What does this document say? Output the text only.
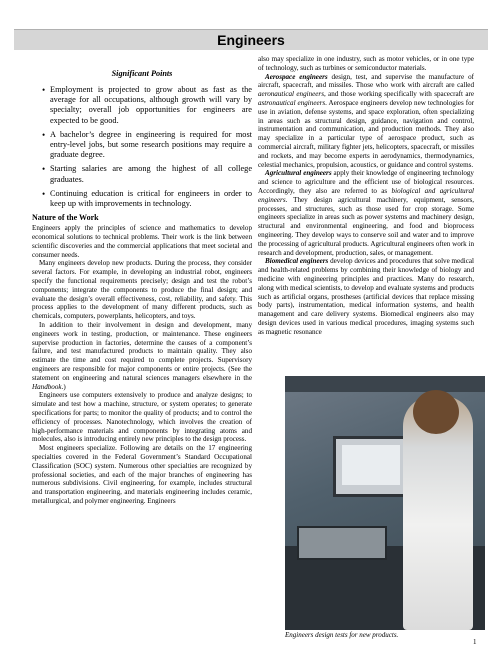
Engineers
Significant Points
• Employment is projected to grow about as fast as the average for all occupations, although growth will vary by specialty; overall job opportunities for engineers are expected to be good.
• A bachelor’s degree in engineering is required for most entry-level jobs, but some research positions may require a graduate degree.
• Starting salaries are among the highest of all college graduates.
• Continuing education is critical for engineers in order to keep up with improvements in technology.
Nature of the Work

Engineers apply the principles of science and mathematics to develop economical solutions to technical problems. Their work is the link between scientific discoveries and the commercial applications that meet societal and consumer needs.

Many engineers develop new products. During the process, they consider several factors. For example, in developing an industrial robot, engineers specify the functional requirements precisely; design and test the robot’s components; integrate the components to produce the final design; and evaluate the design’s overall effectiveness, cost, reliability, and safety. This process applies to the development of many different products, such as chemicals, computers, powerplants, helicopters, and toys.

In addition to their involvement in design and development, many engineers work in testing, production, or maintenance. These engineers supervise production in factories, determine the causes of a component’s failure, and test manufactured products to maintain quality. They also estimate the time and cost required to complete projects. Supervisory engineers are responsible for major components or entire projects. (See the statement on engineering and natural sciences managers elsewhere in the Handbook.)

Engineers use computers extensively to produce and analyze designs; to simulate and test how a machine, structure, or system operates; to generate specifications for parts; to monitor the quality of products; and to control the efficiency of processes. Nanotechnology, which involves the creation of high-performance materials and components by integrating atoms and molecules, also is introducing entirely new principles to the design process.

Most engineers specialize. Following are details on the 17 engineering specialties covered in the Federal Government’s Standard Occupational Classification (SOC) system. Numerous other specialties are recognized by professional societies, and each of the major branches of engineering has numerous subdivisions. Civil engineering, for example, includes structural and transportation engineering, and materials engineering includes ceramic, metallurgical, and polymer engineering. Engineers

also may specialize in one industry, such as motor vehicles, or in one type of technology, such as turbines or semiconductor materials.

Aerospace engineers design, test, and supervise the manufacture of aircraft, spacecraft, and missiles. Those who work with aircraft are called aeronautical engineers, and those working specifically with spacecraft are astronautical engineers. Aerospace engineers develop new technologies for use in aviation, defense systems, and space exploration, often specializing in areas such as structural design, guidance, navigation and control, instrumentation and communication, and production methods. They also may specialize in a particular type of aerospace product, such as commercial aircraft, military fighter jets, helicopters, spacecraft, or missiles and rockets, and may become experts in aerodynamics, thermodynamics, celestial mechanics, propulsion, acoustics, or guidance and control systems.

Agricultural engineers apply their knowledge of engineering technology and science to agriculture and the efficient use of biological resources. Accordingly, they also are referred to as biological and agricultural engineers. They design agricultural machinery, equipment, sensors, processes, and structures, such as those used for crop storage. Some engineers specialize in areas such as power systems and machinery design, structural and environmental engineering, and food and bioprocess engineering. They develop ways to conserve soil and water and to improve the processing of agricultural products. Agricultural engineers often work in research and development, production, sales, or management.

Biomedical engineers develop devices and procedures that solve medical and health-related problems by combining their knowledge of biology and medicine with engineering principles and practices. Many do research, along with medical scientists, to develop and evaluate systems and products such as artificial organs, prostheses (artificial devices that replace missing body parts), instrumentation, medical information systems, and health management and care delivery systems. Biomedical engineers also may design devices used in various medical procedures, imaging systems such as magnetic resonance

Engineers design tests for new products.
1
